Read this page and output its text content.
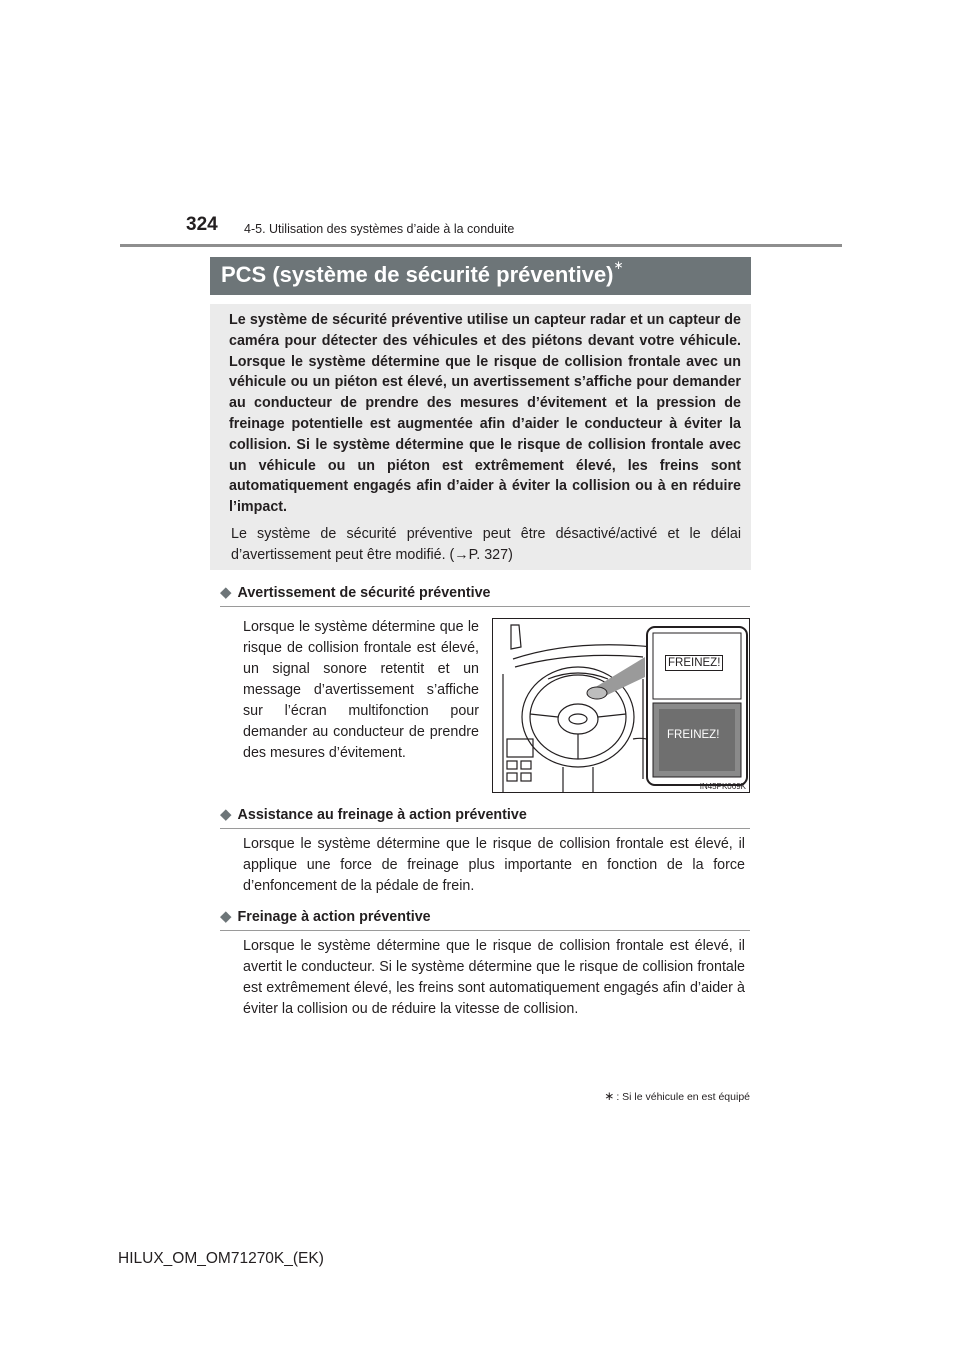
324 4-5. Utilisation des systèmes d’aide à la conduite
PCS (système de sécurité préventive)∗

Le système de sécurité préventive utilise un capteur radar et un capteur de caméra pour détecter des véhicules et des piétons devant votre véhicule. Lorsque le système détermine que le risque de collision frontale avec un véhicule ou un piéton est élevé, un avertissement s’affiche pour demander au conducteur de prendre des mesures d’évitement et la pression de freinage potentielle est augmentée afin d’aider le conducteur à éviter la collision. Si le système détermine que le risque de collision frontale avec un véhicule ou un piéton est extrêmement élevé, les freins sont automatiquement engagés afin d’aider à éviter la collision ou à en réduire l’impact.

Le système de sécurité préventive peut être désactivé/activé et le délai d’avertissement peut être modifié. (→P. 327)

◆ Avertissement de sécurité préventive

Lorsque le système détermine que le risque de collision frontale est élevé, un signal sonore retentit et un message d’avertissement s’affiche sur l’écran multifonction pour demander au conducteur de prendre des mesures d’évitement.

FREINEZ!
FREINEZ!
IN45PK069K
◆ Assistance au freinage à action préventive

Lorsque le système détermine que le risque de collision frontale est élevé, il applique une force de freinage plus importante en fonction de la force d’enfoncement de la pédale de frein.

◆ Freinage à action préventive

Lorsque le système détermine que le risque de collision frontale est élevé, il avertit le conducteur. Si le système détermine que le risque de collision frontale est extrêmement élevé, les freins sont automatiquement engagés afin d’aider à éviter la collision ou de réduire la vitesse de collision.

∗ : Si le véhicule en est équipé
HILUX_OM_OM71270K_(EK)
